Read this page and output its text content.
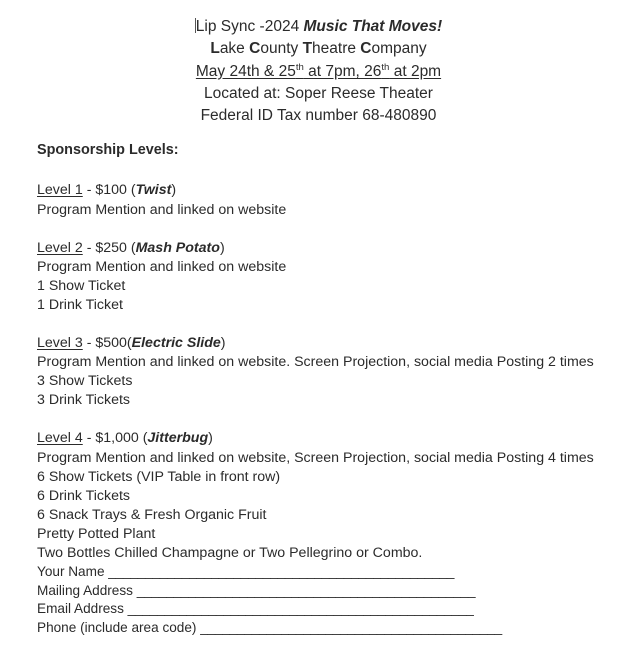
Lip Sync -2024 Music That Moves!
Lake County Theatre Company
May 24th & 25th at 7pm, 26th at 2pm
Located at: Soper Reese Theater
Federal ID Tax number 68-480890
Sponsorship Levels:
Level 1 - $100 (Twist)
Program Mention and linked on website
Level 2 - $250 (Mash Potato)
Program Mention and linked on website
1 Show Ticket
1 Drink Ticket
Level 3 - $500(Electric Slide)
Program Mention and linked on website. Screen Projection, social media Posting 2 times
3 Show Tickets
3 Drink Tickets
Level 4 - $1,000 (Jitterbug)
Program Mention and linked on website, Screen Projection, social media Posting 4 times
6 Show Tickets (VIP Table in front row)
6 Drink Tickets
6 Snack Trays & Fresh Organic Fruit
Pretty Potted Plant
Two Bottles Chilled Champagne or Two Pellegrino or Combo.
Your Name _______________________________________________
Mailing Address ______________________________________________
Email Address _______________________________________________
Phone (include area code) _________________________________________
